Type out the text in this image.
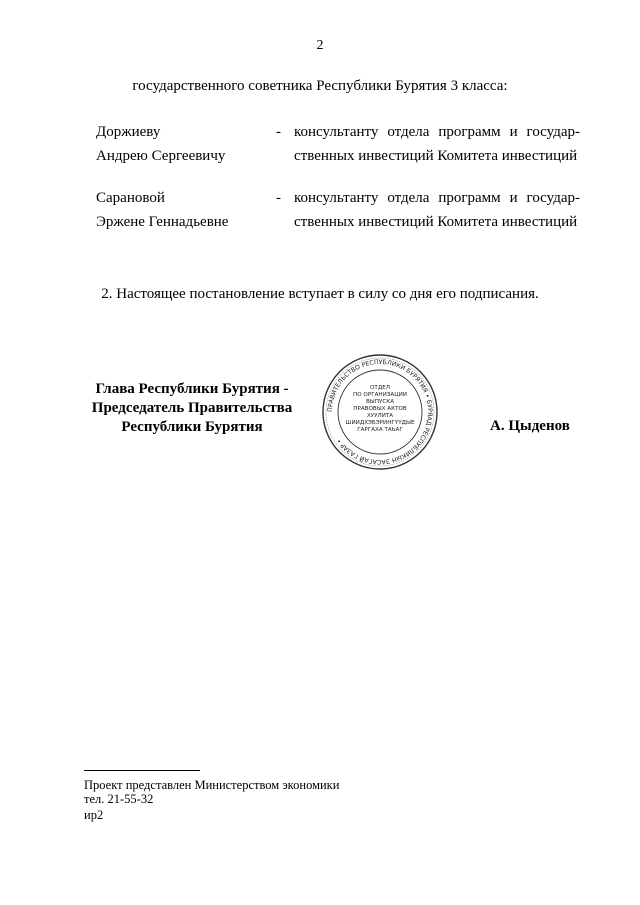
2
государственного советника Республики Бурятия 3 класса:
Доржиеву
Андрею Сергеевичу
- консультанту отдела программ и государ-
ственных инвестиций Комитета инвестиций
Сарановой
Эржене Геннадьевне
- консультанту отдела программ и государ-
ственных инвестиций Комитета инвестиций
2. Настоящее постановление вступает в силу со дня его подписания.
Глава Республики Бурятия -
Председатель Правительства
Республики Бурятия
ПРАВИТЕЛЬСТВО РЕСПУБЛИКИ БУРЯТИЯ • БУРЯАД РЕСПУБЛИКЫН ЗАСАГАЙ ГАЗАР •
ОТДЕЛ
ПО ОРГАНИЗАЦИИ
ВЫПУСКА
ПРАВОВЫХ АКТОВ
ХУУЛИТА
ШИИДХЭБЭРИНГҮҮДЫЕ
ГАРГАХА ТАЬАГ	А. Цыденов
Проект представлен Министерством экономики
тел. 21-55-32
ир2
